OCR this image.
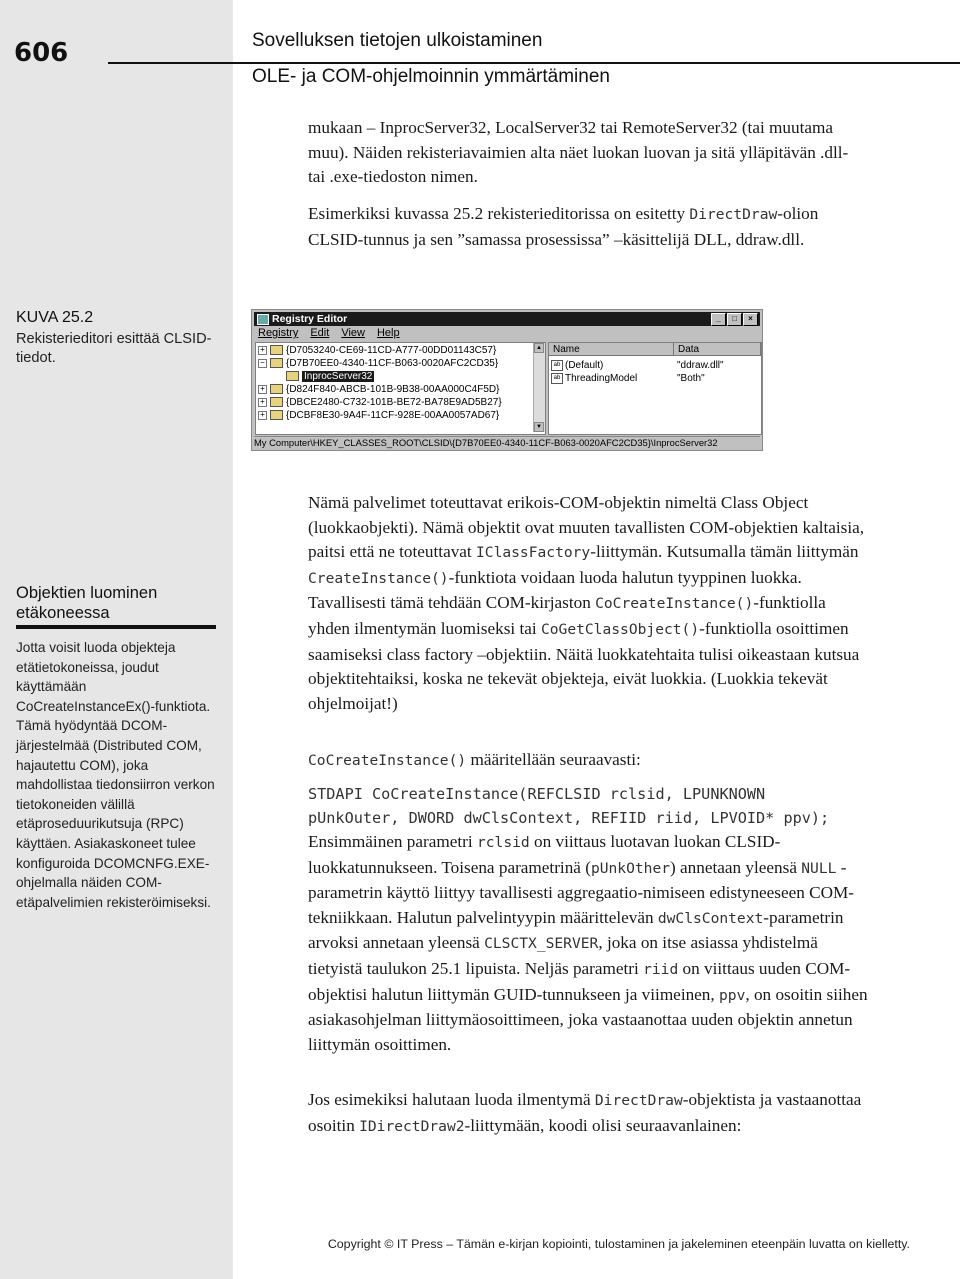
606	Sovelluksen tietojen ulkoistaminen
OLE- ja COM-ohjelmoinnin ymmärtäminen

mukaan – InprocServer32, LocalServer32 tai RemoteServer32 (tai muutama muu). Näiden rekisteriavaimien alta näet luokan luovan ja sitä ylläpitävän .dll- tai .exe-tiedoston nimen.

Esimerkiksi kuvassa 25.2 rekisterieditorissa on esitetty DirectDraw-olion CLSID-tunnus ja sen ”samassa prosessissa” –käsittelijä DLL, ddraw.dll.

KUVA 25.2
Rekisterieditori esittää CLSID-tiedot.
Registry Editor	_	□	×
Registry Edit View Help
+ {D7053240-CE69-11CD-A777-00DD01143C57}
− {D7B70EE0-4340-11CF-B063-0020AFC2CD35}
InprocServer32
+ {D824F840-ABCB-101B-9B38-00AA000C4F5D}
+ {DBCE2480-C732-101B-BE72-BA78E9AD5B27}
+ {DCBF8E30-9A4F-11CF-928E-00AA0057AD67}
▲
▼
Name	Data
ab (Default)	"ddraw.dll"
ab ThreadingModel	"Both"
My Computer\HKEY_CLASSES_ROOT\CLSID\{D7B70EE0-4340-11CF-B063-0020AFC2CD35}\InprocServer32
Objektien luominen etäkoneessa
Jotta voisit luoda objekteja etätietokoneissa, joudut käyttämään CoCreateInstanceEx()-funktiota. Tämä hyödyntää DCOM-järjestelmää (Distributed COM, hajautettu COM), joka mahdollistaa tiedonsiirron verkon tietokoneiden välillä etäproseduurikutsuja (RPC) käyttäen. Asiakaskoneet tulee konfiguroida DCOMCNFG.EXE-ohjelmalla näiden COM-etäpalvelimien rekisteröimiseksi.

Nämä palvelimet toteuttavat erikois-COM-objektin nimeltä Class Object (luokkaobjekti). Nämä objektit ovat muuten tavallisten COM-objektien kaltaisia, paitsi että ne toteuttavat IClassFactory-liittymän. Kutsumalla tämän liittymän CreateInstance()-funktiota voidaan luoda halutun tyyppinen luokka. Tavallisesti tämä tehdään COM-kirjaston CoCreateInstance()-funktiolla yhden ilmentymän luomiseksi tai CoGetClassObject()-funktiolla osoittimen saamiseksi class factory –objektiin. Näitä luokkatehtaita tulisi oikeastaan kutsua objektitehtaiksi, koska ne tekevät objekteja, eivät luokkia. (Luokkia tekevät ohjelmoijat!)

CoCreateInstance() määritellään seuraavasti:

STDAPI CoCreateInstance(REFCLSID rclsid, LPUNKNOWN
pUnkOuter, DWORD dwClsContext, REFIID riid, LPVOID* ppv);

Ensimmäinen parametri rclsid on viittaus luotavan luokan CLSID-luokkatunnukseen. Toisena parametrinä (pUnkOther) annetaan yleensä NULL - parametrin käyttö liittyy tavallisesti aggregaatio-nimiseen edistyneeseen COM-tekniikkaan. Halutun palvelintyypin määrittelevän dwClsContext-parametrin arvoksi annetaan yleensä CLSCTX_SERVER, joka on itse asiassa yhdistelmä tietyistä taulukon 25.1 lipuista. Neljäs parametri riid on viittaus uuden COM-objektisi halutun liittymän GUID-tunnukseen ja viimeinen, ppv, on osoitin siihen asiakasohjelman liittymäosoittimeen, joka vastaanottaa uuden objektin annetun liittymän osoittimen.

Jos esimekiksi halutaan luoda ilmentymä DirectDraw-objektista ja vastaanottaa osoitin IDirectDraw2-liittymään, koodi olisi seuraavanlainen:

Copyright © IT Press – Tämän e-kirjan kopiointi, tulostaminen ja jakeleminen eteenpäin luvatta on kielletty.
